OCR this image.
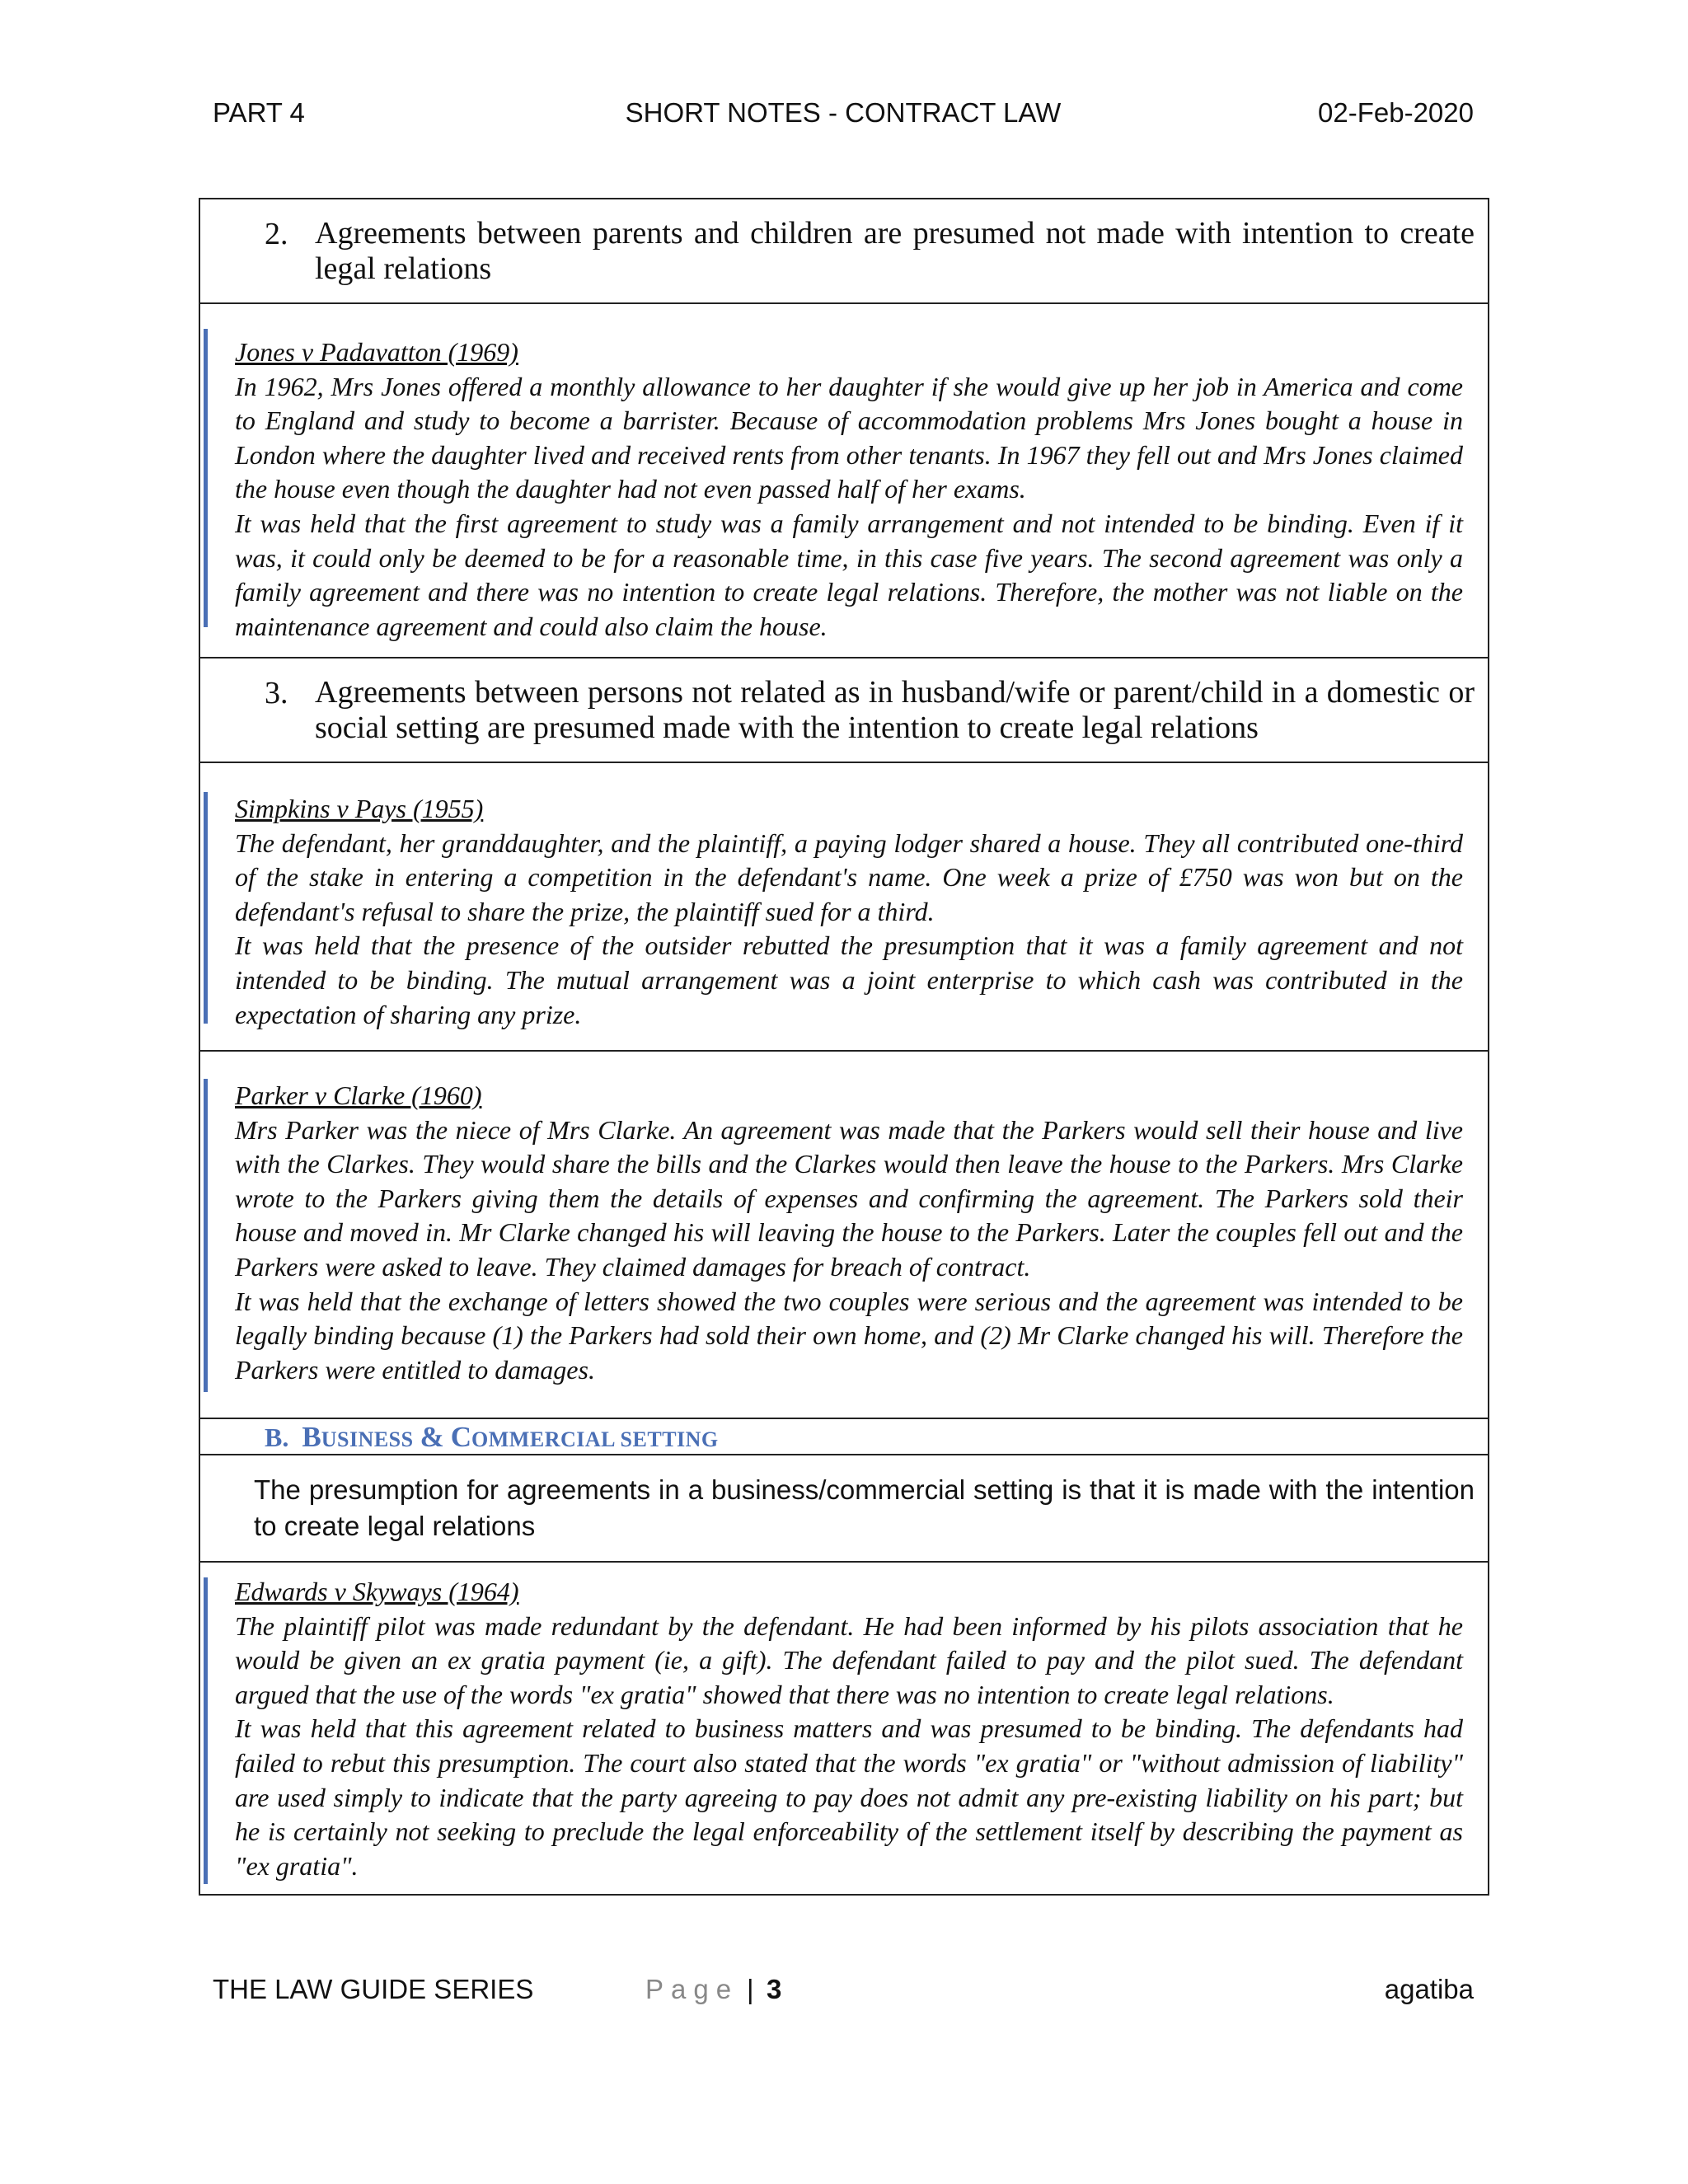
PART 4	SHORT NOTES - CONTRACT LAW	02-Feb-2020
2. Agreements between parents and children are presumed not made with intention to create legal relations

Jones v Padavatton (1969)

In 1962, Mrs Jones offered a monthly allowance to her daughter if she would give up her job in America and come to England and study to become a barrister. Because of accommodation problems Mrs Jones bought a house in London where the daughter lived and received rents from other tenants. In 1967 they fell out and Mrs Jones claimed the house even though the daughter had not even passed half of her exams.

It was held that the first agreement to study was a family arrangement and not intended to be binding. Even if it was, it could only be deemed to be for a reasonable time, in this case five years. The second agreement was only a family agreement and there was no intention to create legal relations. Therefore, the mother was not liable on the maintenance agreement and could also claim the house.

3. Agreements between persons not related as in husband/wife or parent/child in a domestic or social setting are presumed made with the intention to create legal relations

Simpkins v Pays (1955)

The defendant, her granddaughter, and the plaintiff, a paying lodger shared a house. They all contributed one-third of the stake in entering a competition in the defendant's name. One week a prize of £750 was won but on the defendant's refusal to share the prize, the plaintiff sued for a third.

It was held that the presence of the outsider rebutted the presumption that it was a family agreement and not intended to be binding. The mutual arrangement was a joint enterprise to which cash was contributed in the expectation of sharing any prize.

Parker v Clarke (1960)

Mrs Parker was the niece of Mrs Clarke. An agreement was made that the Parkers would sell their house and live with the Clarkes. They would share the bills and the Clarkes would then leave the house to the Parkers. Mrs Clarke wrote to the Parkers giving them the details of expenses and confirming the agreement. The Parkers sold their house and moved in. Mr Clarke changed his will leaving the house to the Parkers. Later the couples fell out and the Parkers were asked to leave. They claimed damages for breach of contract.

It was held that the exchange of letters showed the two couples were serious and the agreement was intended to be legally binding because (1) the Parkers had sold their own home, and (2) Mr Clarke changed his will. Therefore the Parkers were entitled to damages.

B. BUSINESS & COMMERCIAL SETTING
The presumption for agreements in a business/commercial setting is that it is made with the intention to create legal relations

Edwards v Skyways (1964)

The plaintiff pilot was made redundant by the defendant. He had been informed by his pilots association that he would be given an ex gratia payment (ie, a gift). The defendant failed to pay and the pilot sued. The defendant argued that the use of the words "ex gratia" showed that there was no intention to create legal relations.

It was held that this agreement related to business matters and was presumed to be binding. The defendants had failed to rebut this presumption. The court also stated that the words "ex gratia" or "without admission of liability" are used simply to indicate that the party agreeing to pay does not admit any pre-existing liability on his part; but he is certainly not seeking to preclude the legal enforceability of the settlement itself by describing the payment as "ex gratia".

THE LAW GUIDE SERIES	Page | 3	agatiba
